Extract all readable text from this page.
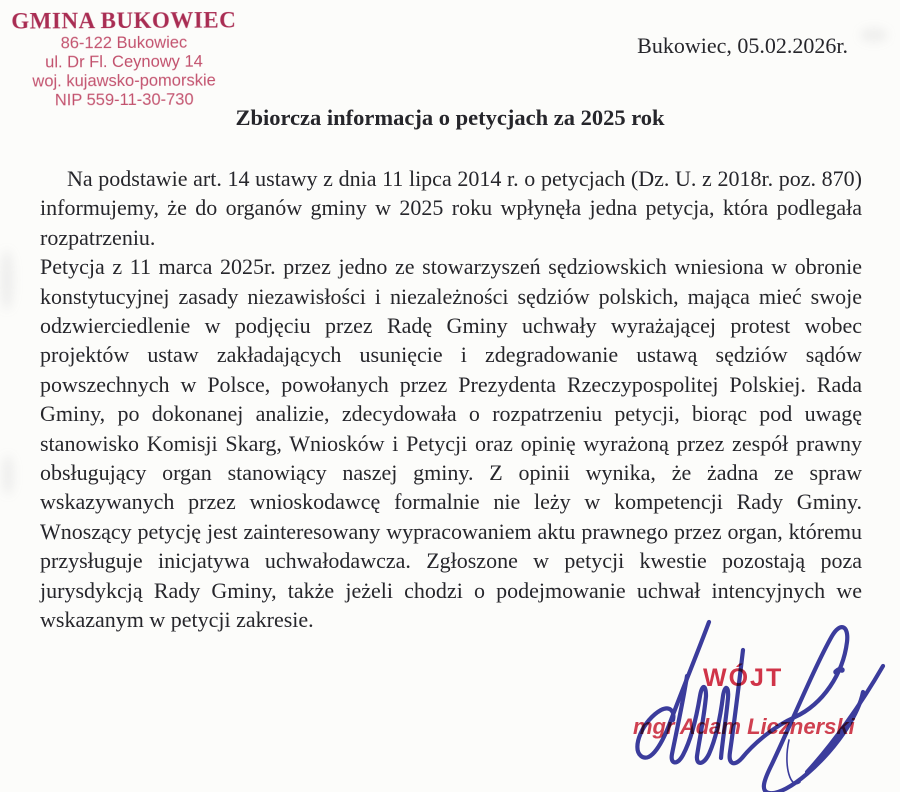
GMINA BUKOWIEC
86-122 Bukowiec
ul. Dr Fl. Ceynowy 14
woj. kujawsko-pomorskie
NIP 559-11-30-730
Bukowiec, 05.02.2026r.
Zbiorcza informacja o petycjach za 2025 rok

Na podstawie art. 14 ustawy z dnia 11 lipca 2014 r. o petycjach (Dz. U. z 2018r. poz. 870) informujemy, że do organów gminy w 2025 roku wpłynęła jedna petycja, która podlegała rozpatrzeniu.

Petycja z 11 marca 2025r. przez jedno ze stowarzyszeń sędziowskich wniesiona w obronie konstytucyjnej zasady niezawisłości i niezależności sędziów polskich, mająca mieć swoje odzwierciedlenie w podjęciu przez Radę Gminy uchwały wyrażającej protest wobec projektów ustaw zakładających usunięcie i zdegradowanie ustawą sędziów sądów powszechnych w Polsce, powołanych przez Prezydenta Rzeczypospolitej Polskiej. Rada Gminy, po dokonanej analizie, zdecydowała o rozpatrzeniu petycji, biorąc pod uwagę stanowisko Komisji Skarg, Wniosków i Petycji oraz opinię wyrażoną przez zespół prawny obsługujący organ stanowiący naszej gminy. Z opinii wynika, że żadna ze spraw wskazywanych przez wnioskodawcę formalnie nie leży w kompetencji Rady Gminy. Wnoszący petycję jest zainteresowany wypracowaniem aktu prawnego przez organ, któremu przysługuje inicjatywa uchwałodawcza. Zgłoszone w petycji kwestie pozostają poza jurysdykcją Rady Gminy, także jeżeli chodzi o podejmowanie uchwał intencyjnych we wskazanym w petycji zakresie.

WÓJT
mgr Adam Licznerski
